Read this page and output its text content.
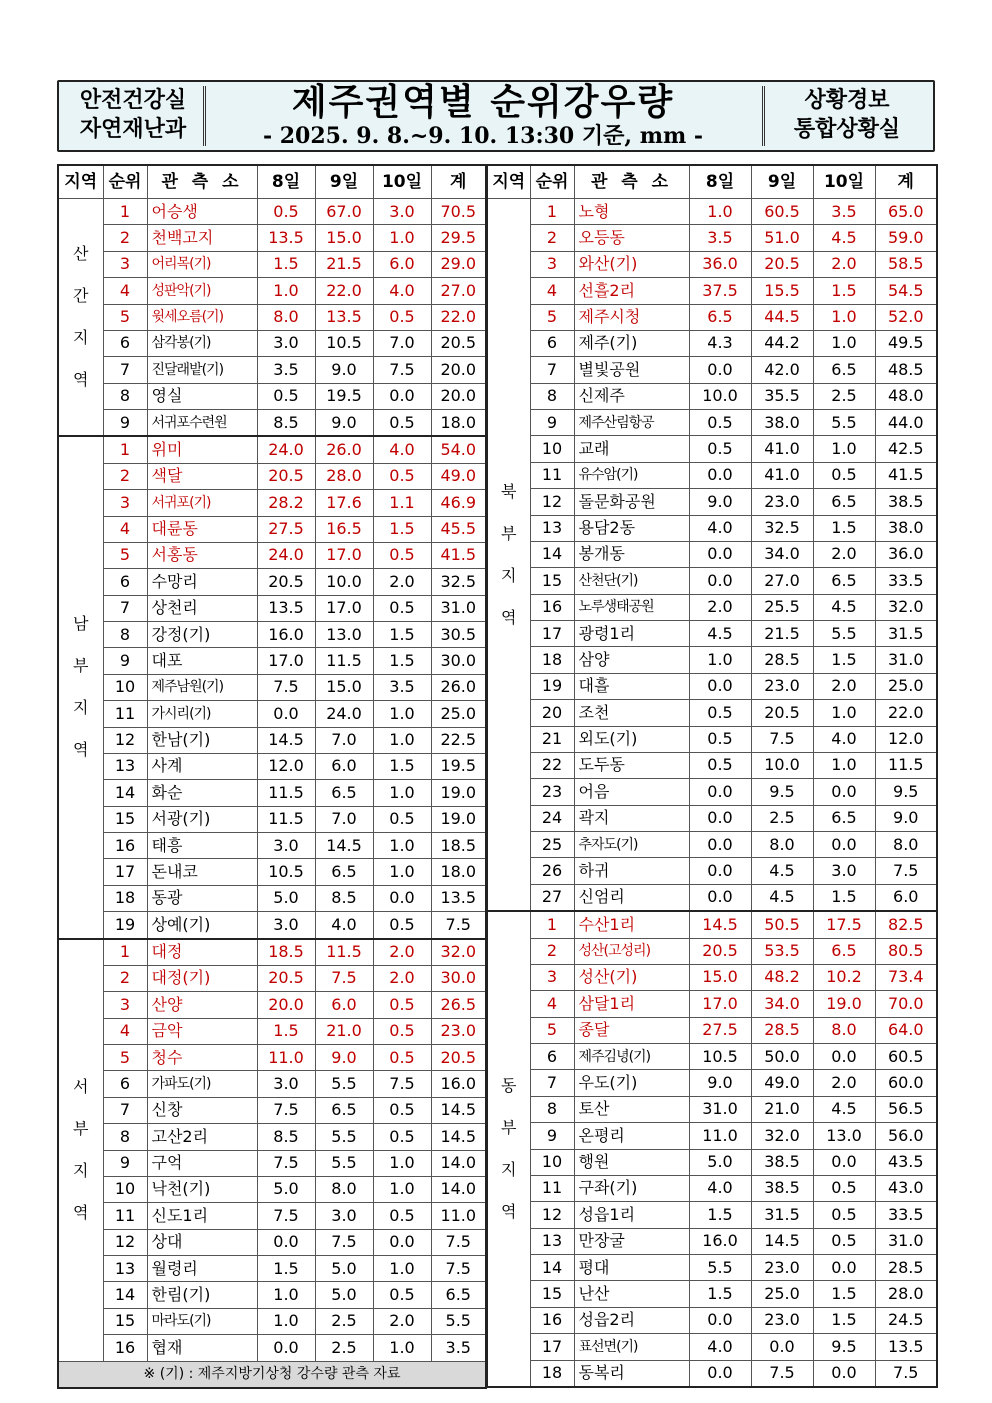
안전건강실
자연재난과
제주권역별 순위강우량
- 2025. 9. 8.~9. 10. 13:30 기준, mm -
상황경보
통합상황실
지역	순위	관 측 소	8일	9일	10일	계
산간지역	1	어승생	0.5	67.0	3.0	70.5
	2	천백고지	13.5	15.0	1.0	29.5
	3	어리목(기)	1.5	21.5	6.0	29.0
	4	성판악(기)	1.0	22.0	4.0	27.0
	5	윗세오름(기)	8.0	13.5	0.5	22.0
	6	삼각봉(기)	3.0	10.5	7.0	20.5
	7	진달래밭(기)	3.5	9.0	7.5	20.0
	8	영실	0.5	19.5	0.0	20.0
	9	서귀포수련원	8.5	9.0	0.5	18.0
남부지역	1	위미	24.0	26.0	4.0	54.0
	2	색달	20.5	28.0	0.5	49.0
	3	서귀포(기)	28.2	17.6	1.1	46.9
	4	대륜동	27.5	16.5	1.5	45.5
	5	서홍동	24.0	17.0	0.5	41.5
	6	수망리	20.5	10.0	2.0	32.5
	7	상천리	13.5	17.0	0.5	31.0
	8	강정(기)	16.0	13.0	1.5	30.5
	9	대포	17.0	11.5	1.5	30.0
	10	제주남원(기)	7.5	15.0	3.5	26.0
	11	가시리(기)	0.0	24.0	1.0	25.0
	12	한남(기)	14.5	7.0	1.0	22.5
	13	사계	12.0	6.0	1.5	19.5
	14	화순	11.5	6.5	1.0	19.0
	15	서광(기)	11.5	7.0	0.5	19.0
	16	태흥	3.0	14.5	1.0	18.5
	17	돈내코	10.5	6.5	1.0	18.0
	18	동광	5.0	8.5	0.0	13.5
	19	상예(기)	3.0	4.0	0.5	7.5
서부지역	1	대정	18.5	11.5	2.0	32.0
	2	대정(기)	20.5	7.5	2.0	30.0
	3	산양	20.0	6.0	0.5	26.5
	4	금악	1.5	21.0	0.5	23.0
	5	청수	11.0	9.0	0.5	20.5
	6	가파도(기)	3.0	5.5	7.5	16.0
	7	신창	7.5	6.5	0.5	14.5
	8	고산2리	8.5	5.5	0.5	14.5
	9	구억	7.5	5.5	1.0	14.0
	10	낙천(기)	5.0	8.0	1.0	14.0
	11	신도1리	7.5	3.0	0.5	11.0
	12	상대	0.0	7.5	0.0	7.5
	13	월령리	1.5	5.0	1.0	7.5
	14	한림(기)	1.0	5.0	0.5	6.5
	15	마라도(기)	1.0	2.5	2.0	5.5
	16	협재	0.0	2.5	1.0	3.5
※ (기) : 제주지방기상청 강수량 관측 자료						
지역	순위	관 측 소	8일	9일	10일	계
북부지역	1	노형	1.0	60.5	3.5	65.0
	2	오등동	3.5	51.0	4.5	59.0
	3	와산(기)	36.0	20.5	2.0	58.5
	4	선흘2리	37.5	15.5	1.5	54.5
	5	제주시청	6.5	44.5	1.0	52.0
	6	제주(기)	4.3	44.2	1.0	49.5
	7	별빛공원	0.0	42.0	6.5	48.5
	8	신제주	10.0	35.5	2.5	48.0
	9	제주산림항공	0.5	38.0	5.5	44.0
	10	교래	0.5	41.0	1.0	42.5
	11	유수암(기)	0.0	41.0	0.5	41.5
	12	돌문화공원	9.0	23.0	6.5	38.5
	13	용담2동	4.0	32.5	1.5	38.0
	14	봉개동	0.0	34.0	2.0	36.0
	15	산천단(기)	0.0	27.0	6.5	33.5
	16	노루생태공원	2.0	25.5	4.5	32.0
	17	광령1리	4.5	21.5	5.5	31.5
	18	삼양	1.0	28.5	1.5	31.0
	19	대흘	0.0	23.0	2.0	25.0
	20	조천	0.5	20.5	1.0	22.0
	21	외도(기)	0.5	7.5	4.0	12.0
	22	도두동	0.5	10.0	1.0	11.5
	23	어음	0.0	9.5	0.0	9.5
	24	곽지	0.0	2.5	6.5	9.0
	25	추자도(기)	0.0	8.0	0.0	8.0
	26	하귀	0.0	4.5	3.0	7.5
	27	신엄리	0.0	4.5	1.5	6.0
동부지역	1	수산1리	14.5	50.5	17.5	82.5
	2	성산(고성리)	20.5	53.5	6.5	80.5
	3	성산(기)	15.0	48.2	10.2	73.4
	4	삼달1리	17.0	34.0	19.0	70.0
	5	종달	27.5	28.5	8.0	64.0
	6	제주김녕(기)	10.5	50.0	0.0	60.5
	7	우도(기)	9.0	49.0	2.0	60.0
	8	토산	31.0	21.0	4.5	56.5
	9	온평리	11.0	32.0	13.0	56.0
	10	행원	5.0	38.5	0.0	43.5
	11	구좌(기)	4.0	38.5	0.5	43.0
	12	성읍1리	1.5	31.5	0.5	33.5
	13	만장굴	16.0	14.5	0.5	31.0
	14	평대	5.5	23.0	0.0	28.5
	15	난산	1.5	25.0	1.5	28.0
	16	성읍2리	0.0	23.0	1.5	24.5
	17	표선면(기)	4.0	0.0	9.5	13.5
	18	동복리	0.0	7.5	0.0	7.5
